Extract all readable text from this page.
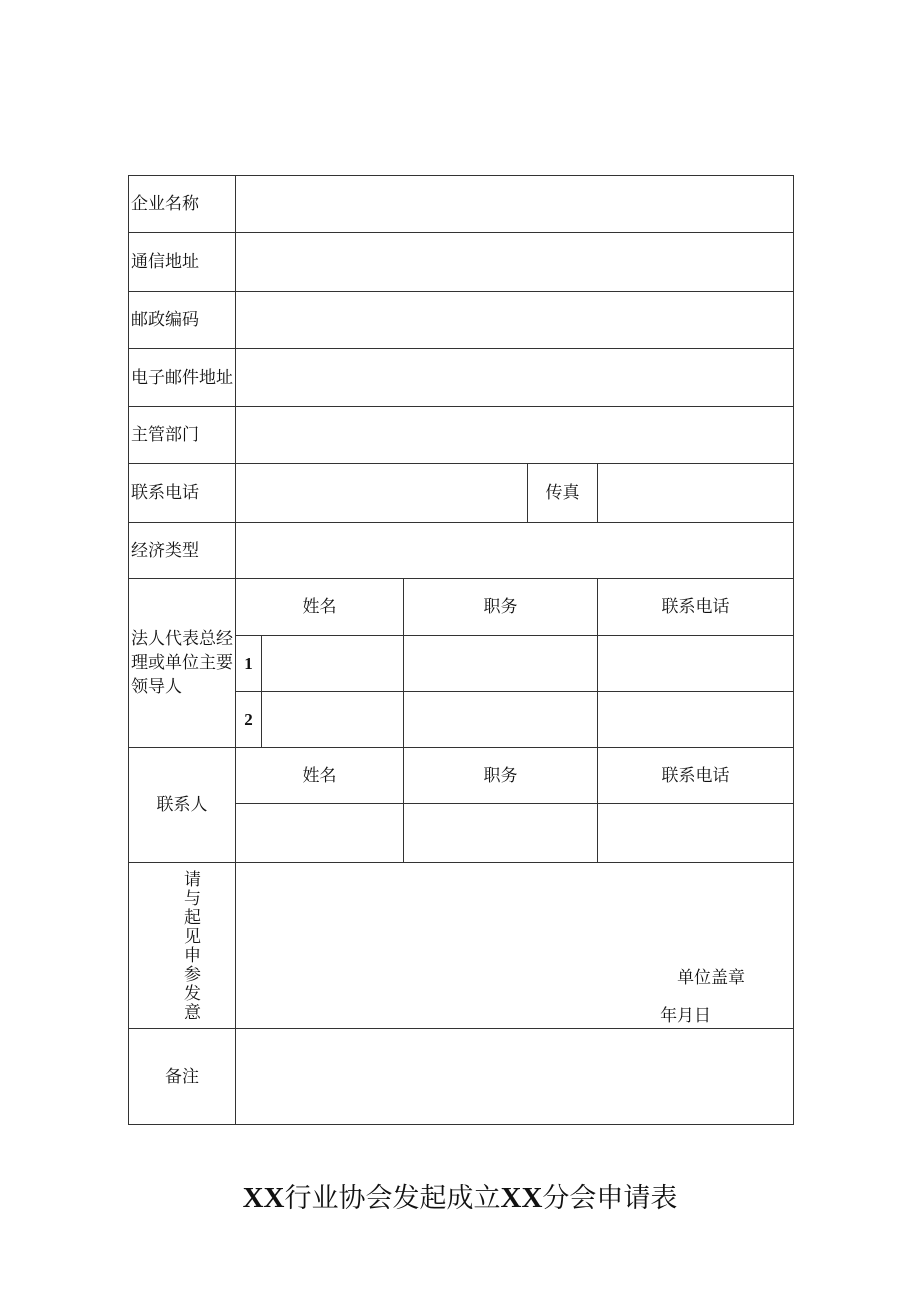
企业名称					
通信地址					
邮政编码					
电子邮件地址					
主管部门					
联系电话				传真	
经济类型					
法人代表总经理或单位主要领导人	姓名		职务		联系电话
	1				
	2				
联系人	姓名		职务		联系电话

请与起见申参发意	单位盖章
年月日				

备注					
XX行业协会发起成立XX分会申请表
